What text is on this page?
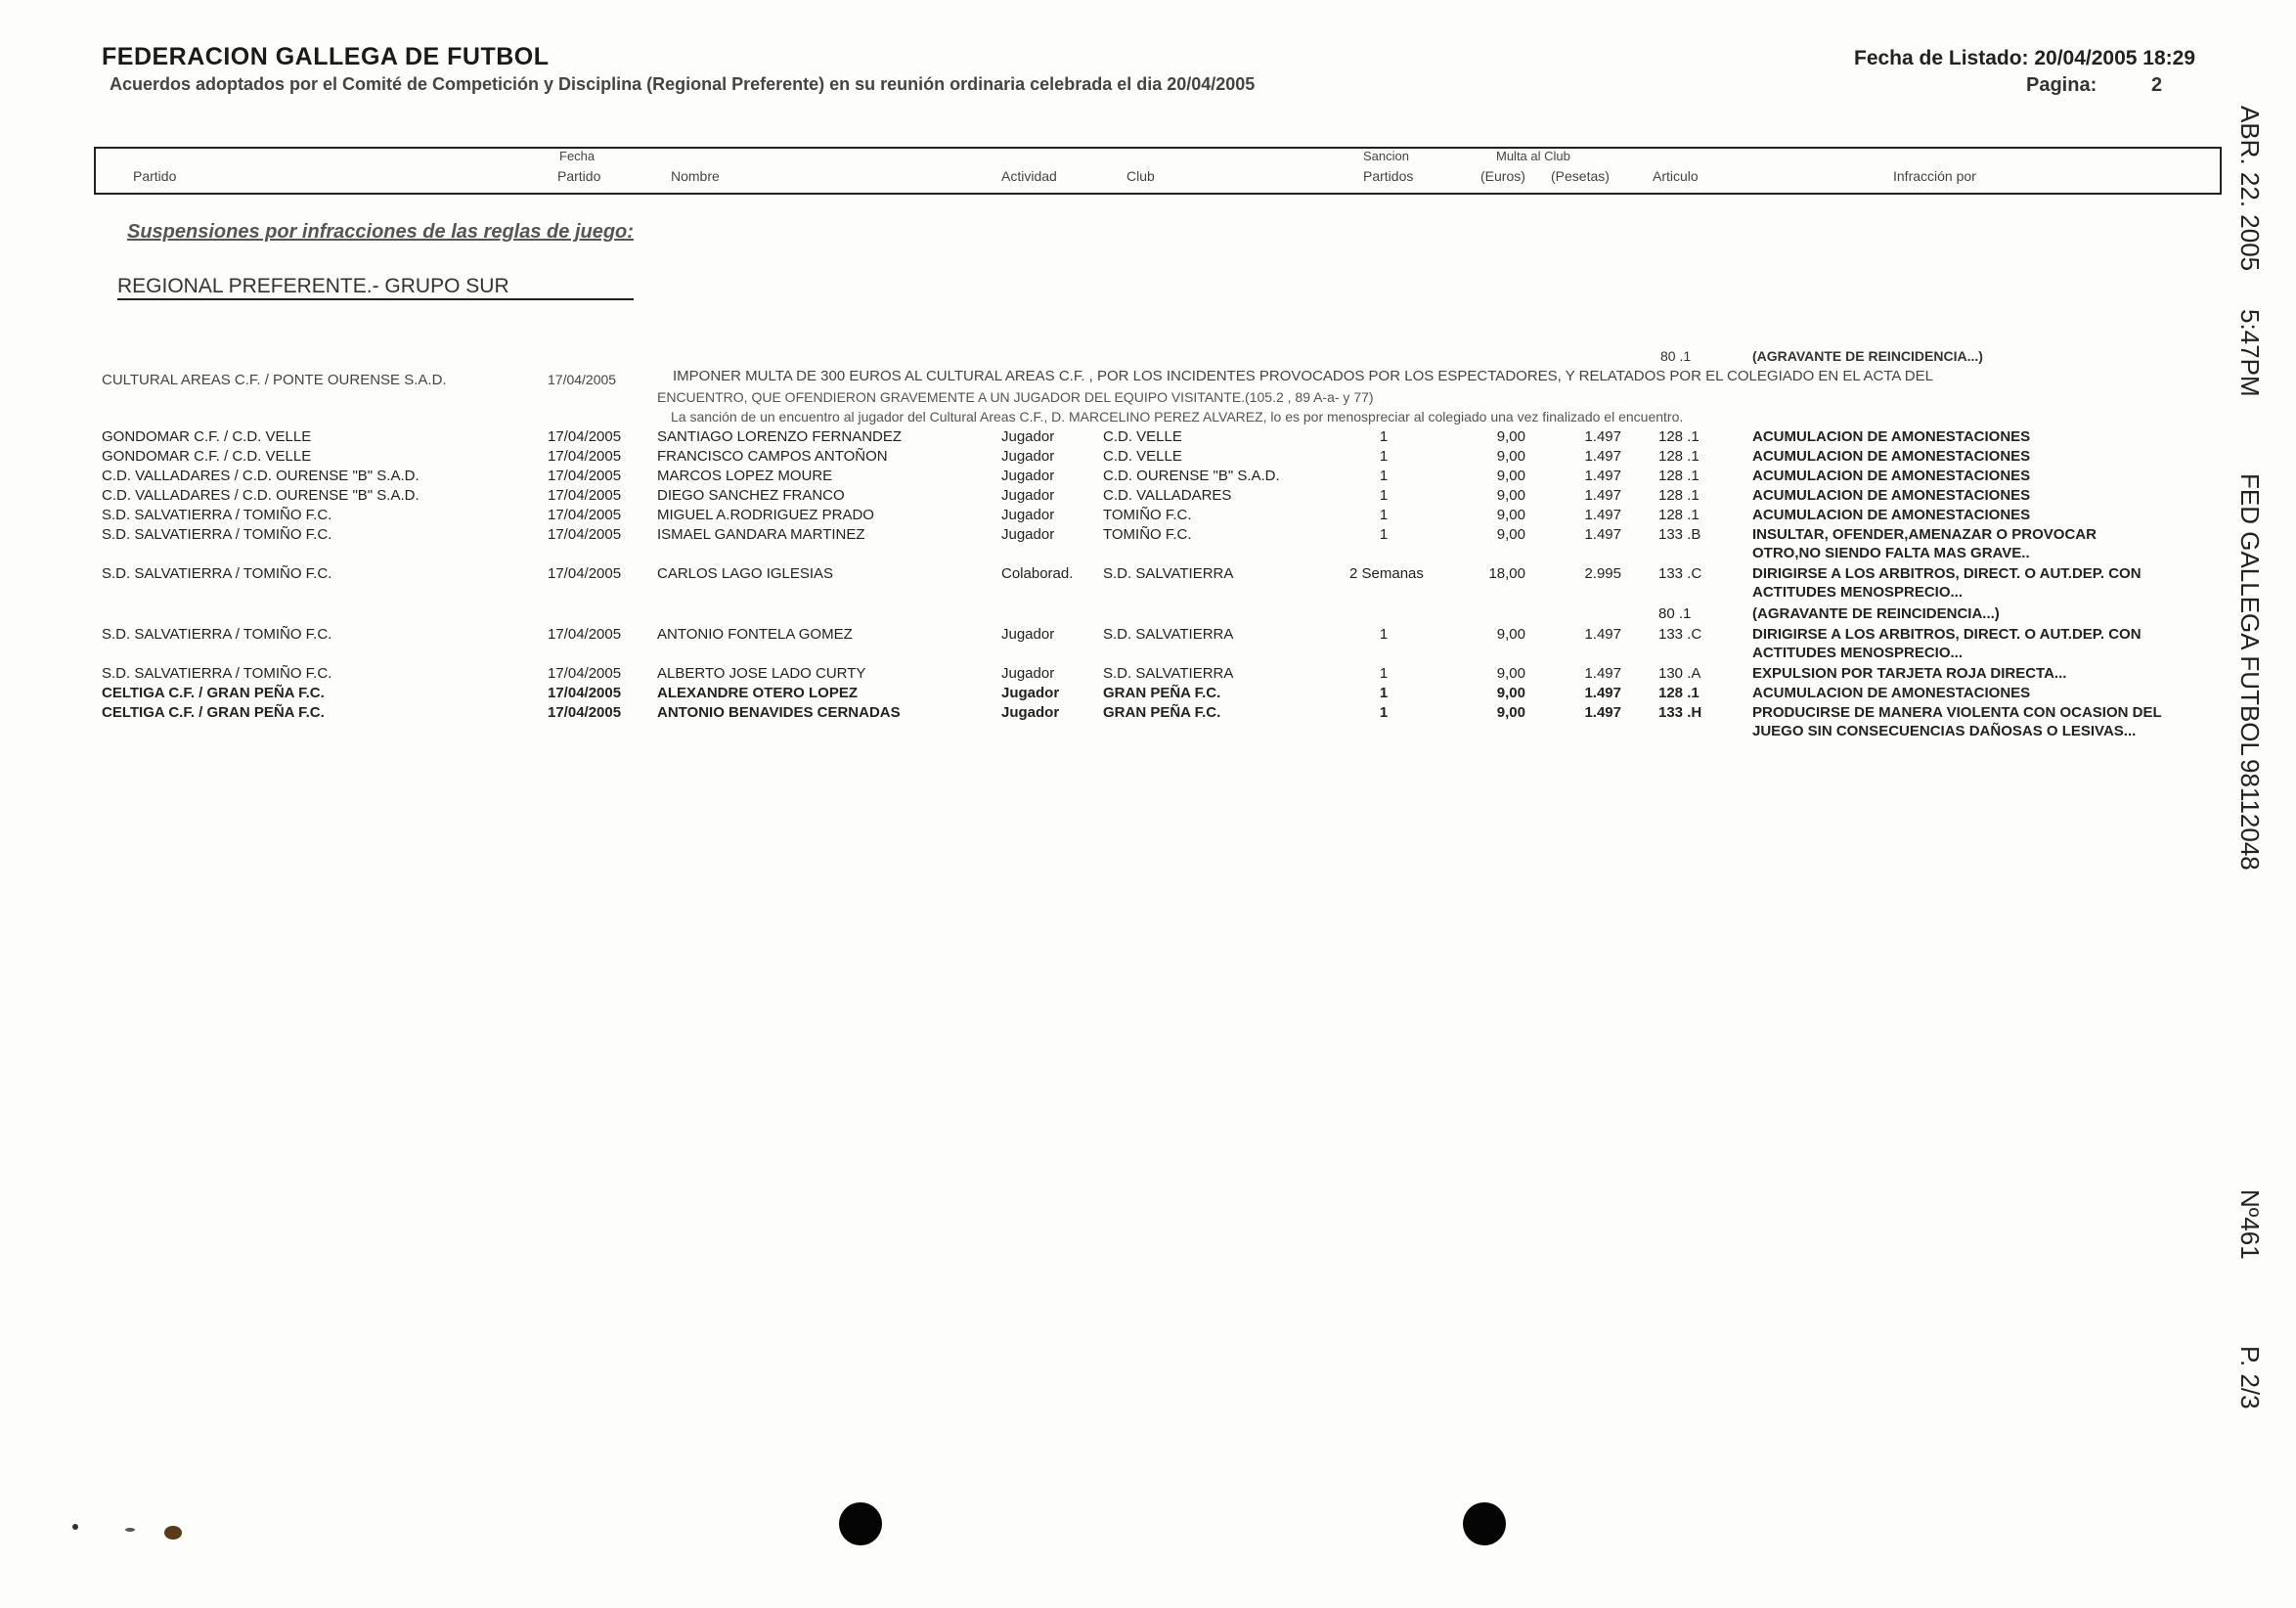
FEDERACION GALLEGA DE FUTBOL
Acuerdos adoptados por el Comité de Competición y Disciplina (Regional Preferente) en su reunión ordinaria celebrada el dia 20/04/2005
Fecha de Listado: 20/04/2005 18:29
Pagina:	2
Partido
Fecha
Partido	Nombre	Actividad	Club
Sancion
Partidos
Multa al Club
(Euros) (Pesetas)	Articulo	Infracción por
Suspensiones por infracciones de las reglas de juego:
REGIONAL PREFERENTE.- GRUPO SUR
80 .1	(AGRAVANTE DE REINCIDENCIA...)
CULTURAL AREAS C.F. / PONTE OURENSE S.A.D.	17/04/2005	IMPONER MULTA DE 300 EUROS AL CULTURAL AREAS C.F. , POR LOS INCIDENTES PROVOCADOS POR LOS ESPECTADORES, Y RELATADOS POR EL COLEGIADO EN EL ACTA DEL
ENCUENTRO, QUE OFENDIERON GRAVEMENTE A UN JUGADOR DEL EQUIPO VISITANTE.(105.2 , 89 A-a- y 77)
La sanción de un encuentro al jugador del Cultural Areas C.F., D. MARCELINO PEREZ ALVAREZ, lo es por menospreciar al colegiado una vez finalizado el encuentro.
GONDOMAR C.F. / C.D. VELLE	17/04/2005 SANTIAGO LORENZO FERNANDEZ	Jugador	C.D. VELLE	1	9,00	1.497	128 .1	ACUMULACION DE AMONESTACIONES
GONDOMAR C.F. / C.D. VELLE	17/04/2005 FRANCISCO CAMPOS ANTOÑON	Jugador	C.D. VELLE	1	9,00	1.497	128 .1	ACUMULACION DE AMONESTACIONES
C.D. VALLADARES / C.D. OURENSE "B" S.A.D.	17/04/2005 MARCOS LOPEZ MOURE	Jugador	C.D. OURENSE "B" S.A.D.	1	9,00	1.497	128 .1	ACUMULACION DE AMONESTACIONES
C.D. VALLADARES / C.D. OURENSE "B" S.A.D.	17/04/2005 DIEGO SANCHEZ FRANCO	Jugador	C.D. VALLADARES	1	9,00	1.497	128 .1	ACUMULACION DE AMONESTACIONES
S.D. SALVATIERRA / TOMIÑO F.C.	17/04/2005 MIGUEL A.RODRIGUEZ PRADO	Jugador	TOMIÑO F.C.	1	9,00	1.497	128 .1	ACUMULACION DE AMONESTACIONES
S.D. SALVATIERRA / TOMIÑO F.C.	17/04/2005 ISMAEL GANDARA MARTINEZ	Jugador	TOMIÑO F.C.	1	9,00	1.497	133 .B	INSULTAR, OFENDER,AMENAZAR O PROVOCAR
OTRO,NO SIENDO FALTA MAS GRAVE..
S.D. SALVATIERRA / TOMIÑO F.C.	17/04/2005 CARLOS LAGO IGLESIAS	Colaborad. S.D. SALVATIERRA	2 Semanas	18,00	2.995	133 .C	DIRIGIRSE A LOS ARBITROS, DIRECT. O AUT.DEP. CON
ACTITUDES MENOSPRECIO...
S.D. SALVATIERRA / TOMIÑO F.C.	17/04/2005 ANTONIO FONTELA GOMEZ	Jugador	S.D. SALVATIERRA	1	9,00	1.497	133 .C	DIRIGIRSE A LOS ARBITROS, DIRECT. O AUT.DEP. CON
ACTITUDES MENOSPRECIO...
80 .1	(AGRAVANTE DE REINCIDENCIA...)
S.D. SALVATIERRA / TOMIÑO F.C.	17/04/2005 ALBERTO JOSE LADO CURTY	Jugador	S.D. SALVATIERRA	1	9,00	1.497	130 .A	EXPULSION POR TARJETA ROJA DIRECTA...
CELTIGA C.F. / GRAN PEÑA F.C.	17/04/2005 ALEXANDRE OTERO LOPEZ	Jugador	GRAN PEÑA F.C.	1	9,00	1.497	128 .1	ACUMULACION DE AMONESTACIONES
CELTIGA C.F. / GRAN PEÑA F.C.	17/04/2005 ANTONIO BENAVIDES CERNADAS	Jugador	GRAN PEÑA F.C.	1	9,00	1.497	133 .H	PRODUCIRSE DE MANERA VIOLENTA CON OCASION DEL
JUEGO SIN CONSECUENCIAS DAÑOSAS O LESIVAS...
ABR. 22. 2005
5:47PM
FED GALLEGA FUTBOL
98112048
Nº461
P. 2/3
